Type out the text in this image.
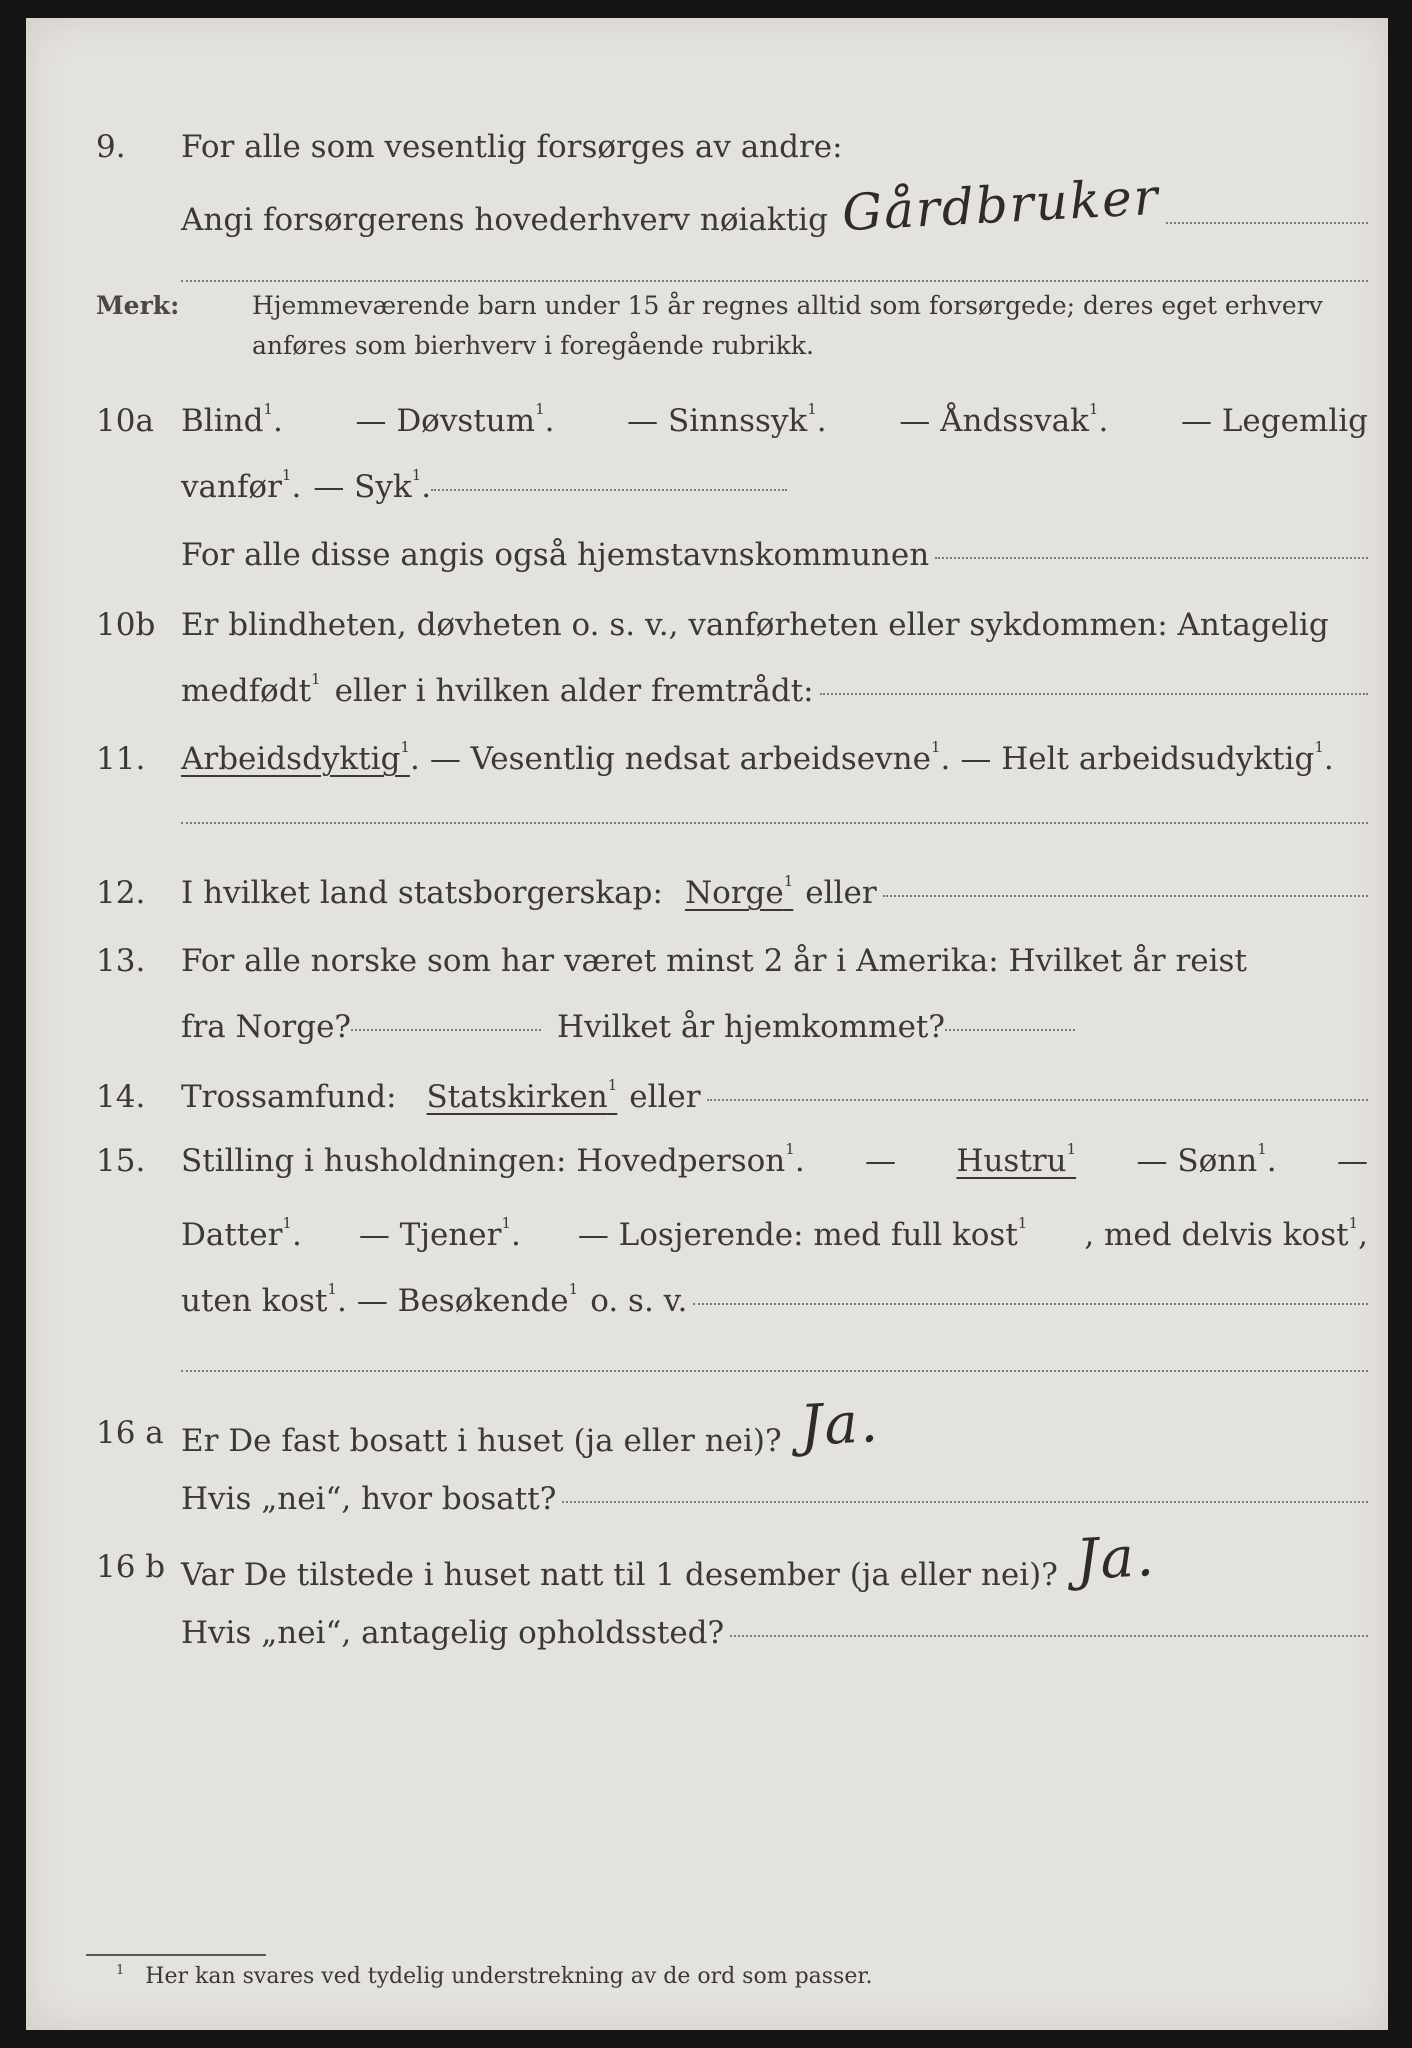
9. For alle som vesentlig forsørges av andre:
Angi forsørgerens hovederhverv nøiaktig Gårdbruker
Merk:	Hjemmeværende barn under 15 år regnes alltid som forsørgede; deres eget erhverv anføres som bierhverv i foregående rubrikk.
10a Blind$^1$. — Døvstum$^1$. — Sinnssyk$^1$. — Åndssvak$^1$. — Legemlig
vanfør$^1$. — Syk$^1$.
For alle disse angis også hjemstavnskommunen
10b Er blindheten, døvheten o. s. v., vanførheten eller sykdommen: Antagelig
medfødt$^1$ eller i hvilken alder fremtrådt:
11. Arbeidsdyktig$^1$ . — Vesentlig nedsat arbeidsevne$^1$. — Helt arbeidsudyktig$^1$.
12. I hvilket land statsborgerskap: Norge$^1$ eller
13. For alle norske som har været minst 2 år i Amerika: Hvilket år reist
fra Norge?	Hvilket år hjemkommet?
14. Trossamfund: Statskirken$^1$ eller
15. Stilling i husholdningen: Hovedperson$^1$. — Hustru$^1$ — Sønn$^1$. —
Datter$^1$. — Tjener$^1$. — Losjerende: med full kost$^1$ , med delvis kost$^1$,
uten kost$^1$. — Besøkende$^1$ o. s. v.
16 a Er De fast bosatt i huset (ja eller nei)? Ja.
Hvis „nei“, hvor bosatt?
16 b Var De tilstede i huset natt til 1 desember (ja eller nei)? Ja.
Hvis „nei“, antagelig opholdssted?
$^1$ Her kan svares ved tydelig understrekning av de ord som passer.
